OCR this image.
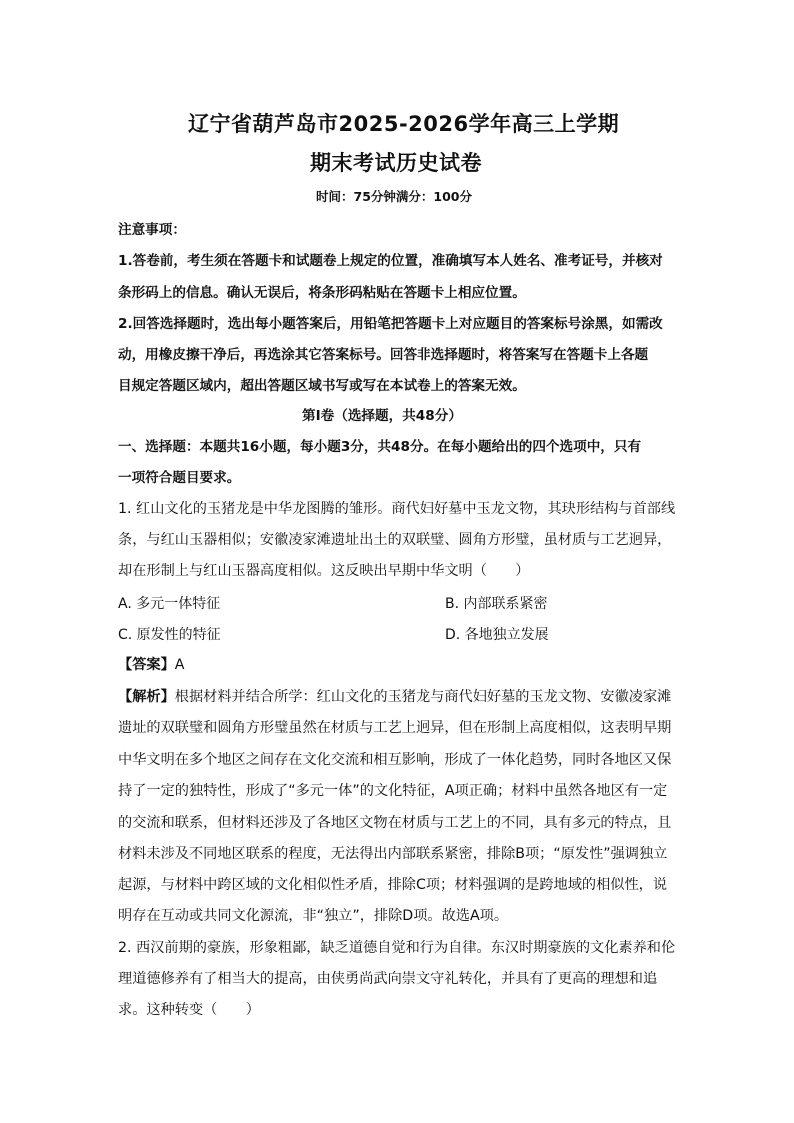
辽宁省葫芦岛市2025-2026学年高三上学期
期末考试历史试卷
时间：75分钟满分：100分
注意事项：
1.答卷前，考生须在答题卡和试题卷上规定的位置，准确填写本人姓名、准考证号，并核对
条形码上的信息。确认无误后，将条形码粘贴在答题卡上相应位置。
2.回答选择题时，选出每小题答案后，用铅笔把答题卡上对应题目的答案标号涂黑，如需改
动，用橡皮擦干净后，再选涂其它答案标号。回答非选择题时，将答案写在答题卡上各题
目规定答题区域内，超出答题区域书写或写在本试卷上的答案无效。
第Ⅰ卷（选择题，共48分）
一、选择题：本题共16小题，每小题3分，共48分。在每小题给出的四个选项中，只有
一项符合题目要求。
1. 红山文化的玉猪龙是中华龙图腾的雏形。商代妇好墓中玉龙文物，其玦形结构与首部线
条，与红山玉器相似；安徽凌家滩遗址出土的双联璧、圆角方形璧，虽材质与工艺迥异，
却在形制上与红山玉器高度相似。这反映出早期中华文明（　　）
A. 多元一体特征	B. 内部联系紧密
C. 原发性的特征	D. 各地独立发展
【答案】A
【解析】根据材料并结合所学：红山文化的玉猪龙与商代妇好墓的玉龙文物、安徽凌家滩
遗址的双联璧和圆角方形璧虽然在材质与工艺上迥异，但在形制上高度相似，这表明早期
中华文明在多个地区之间存在文化交流和相互影响，形成了一体化趋势，同时各地区又保
持了一定的独特性，形成了“多元一体”的文化特征，A项正确；材料中虽然各地区有一定
的交流和联系，但材料还涉及了各地区文物在材质与工艺上的不同，具有多元的特点，且
材料未涉及不同地区联系的程度，无法得出内部联系紧密，排除B项；“原发性”强调独立
起源，与材料中跨区域的文化相似性矛盾，排除C项；材料强调的是跨地域的相似性，说
明存在互动或共同文化源流，非“独立”，排除D项。故选A项。
2. 西汉前期的豪族，形象粗鄙，缺乏道德自觉和行为自律。东汉时期豪族的文化素养和伦
理道德修养有了相当大的提高，由侠勇尚武向崇文守礼转化，并具有了更高的理想和追
求。这种转变（　　）
